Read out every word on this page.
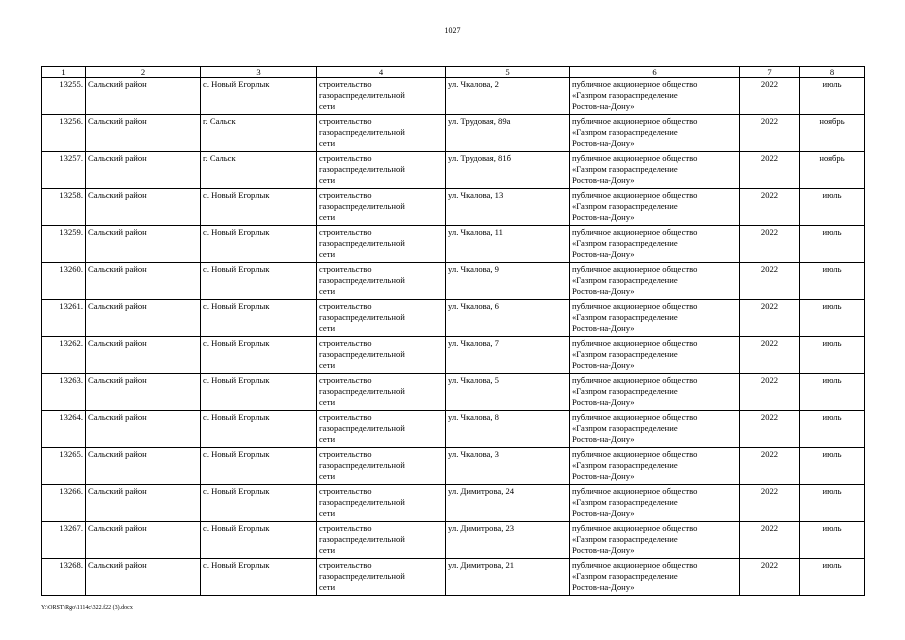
1027
1	2	3	4	5	6	7	8
13255.	Сальский район	с. Новый Егорлык	строительство
газораспределительной
сети	ул. Чкалова, 2	публичное акционерное общество
«Газпром газораспределение
Ростов-на-Дону»	2022	июль
13256.	Сальский район	г. Сальск	строительство
газораспределительной
сети	ул. Трудовая, 89а	публичное акционерное общество
«Газпром газораспределение
Ростов-на-Дону»	2022	ноябрь
13257.	Сальский район	г. Сальск	строительство
газораспределительной
сети	ул. Трудовая, 81б	публичное акционерное общество
«Газпром газораспределение
Ростов-на-Дону»	2022	ноябрь
13258.	Сальский район	с. Новый Егорлык	строительство
газораспределительной
сети	ул. Чкалова, 13	публичное акционерное общество
«Газпром газораспределение
Ростов-на-Дону»	2022	июль
13259.	Сальский район	с. Новый Егорлык	строительство
газораспределительной
сети	ул. Чкалова, 11	публичное акционерное общество
«Газпром газораспределение
Ростов-на-Дону»	2022	июль
13260.	Сальский район	с. Новый Егорлык	строительство
газораспределительной
сети	ул. Чкалова, 9	публичное акционерное общество
«Газпром газораспределение
Ростов-на-Дону»	2022	июль
13261.	Сальский район	с. Новый Егорлык	строительство
газораспределительной
сети	ул. Чкалова, 6	публичное акционерное общество
«Газпром газораспределение
Ростов-на-Дону»	2022	июль
13262.	Сальский район	с. Новый Егорлык	строительство
газораспределительной
сети	ул. Чкалова, 7	публичное акционерное общество
«Газпром газораспределение
Ростов-на-Дону»	2022	июль
13263.	Сальский район	с. Новый Егорлык	строительство
газораспределительной
сети	ул. Чкалова, 5	публичное акционерное общество
«Газпром газораспределение
Ростов-на-Дону»	2022	июль
13264.	Сальский район	с. Новый Егорлык	строительство
газораспределительной
сети	ул. Чкалова, 8	публичное акционерное общество
«Газпром газораспределение
Ростов-на-Дону»	2022	июль
13265.	Сальский район	с. Новый Егорлык	строительство
газораспределительной
сети	ул. Чкалова, 3	публичное акционерное общество
«Газпром газораспределение
Ростов-на-Дону»	2022	июль
13266.	Сальский район	с. Новый Егорлык	строительство
газораспределительной
сети	ул. Димитрова, 24	публичное акционерное общество
«Газпром газораспределение
Ростов-на-Дону»	2022	июль
13267.	Сальский район	с. Новый Егорлык	строительство
газораспределительной
сети	ул. Димитрова, 23	публичное акционерное общество
«Газпром газораспределение
Ростов-на-Дону»	2022	июль
13268.	Сальский район	с. Новый Егорлык	строительство
газораспределительной
сети	ул. Димитрова, 21	публичное акционерное общество
«Газпром газораспределение
Ростов-на-Дону»	2022	июль
Y:\ORST\Rgo\1114c\322.f22 (3).docx
